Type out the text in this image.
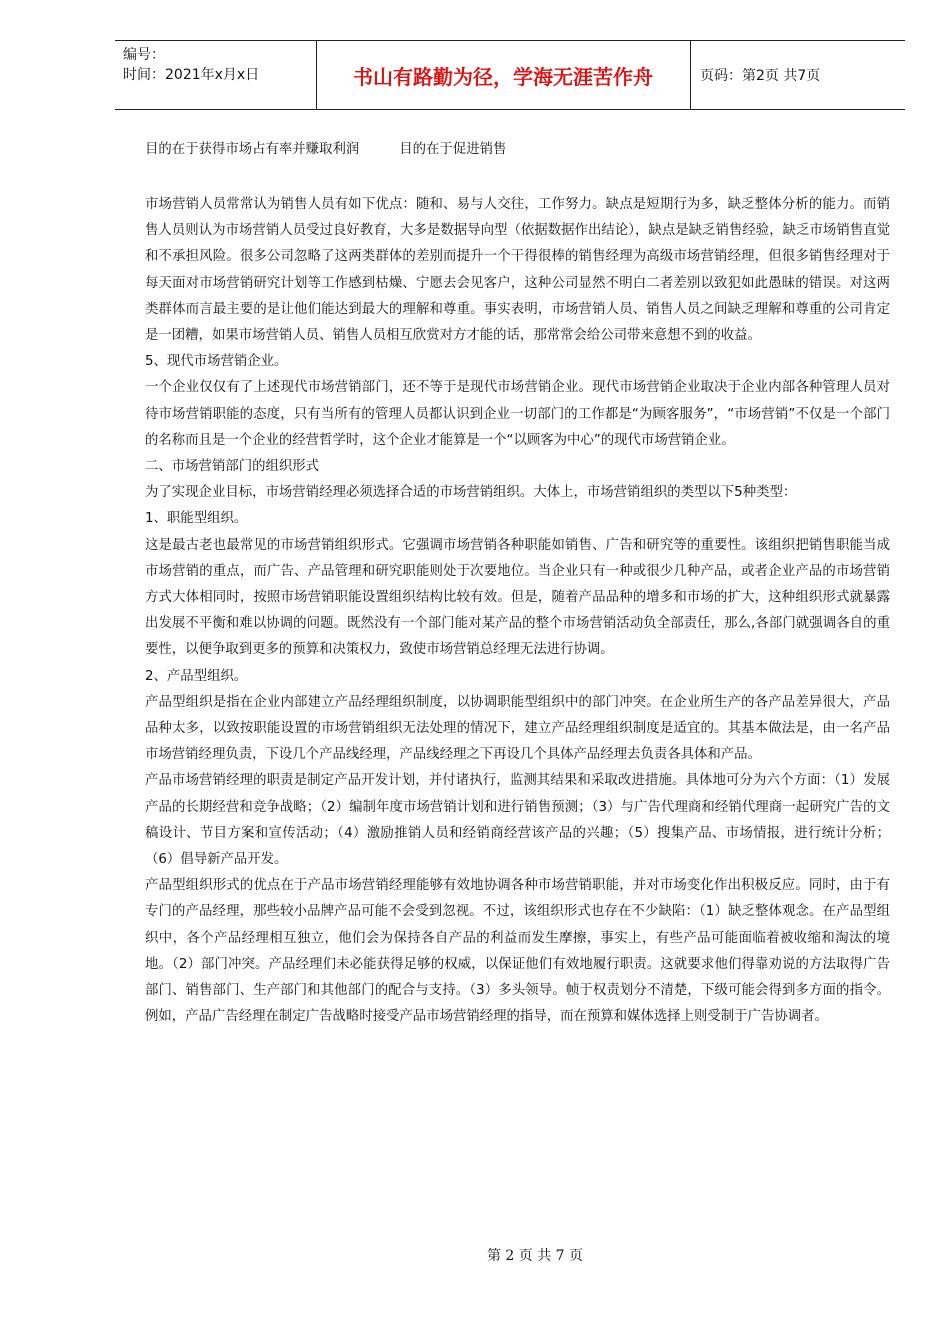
编号：
时间：2021年x月x日	书山有路勤为径，学海无涯苦作舟	页码：第2页 共7页
目的在于获得市场占有率并赚取利润	目的在于促进销售

市场营销人员常常认为销售人员有如下优点：随和、易与人交往，工作努力。缺点是短期行为多，缺乏整体分析的能力。而销售人员则认为市场营销人员受过良好教育，大多是数据导向型（依据数据作出结论），缺点是缺乏销售经验，缺乏市场销售直觉和不承担风险。很多公司忽略了这两类群体的差别而提升一个干得很棒的销售经理为高级市场营销经理，但很多销售经理对于每天面对市场营销研究计划等工作感到枯燥、宁愿去会见客户，这种公司显然不明白二者差别以致犯如此愚昧的错误。对这两类群体而言最主要的是让他们能达到最大的理解和尊重。事实表明，市场营销人员、销售人员之间缺乏理解和尊重的公司肯定是一团糟，如果市场营销人员、销售人员相互欣赏对方才能的话，那常常会给公司带来意想不到的收益。

5、现代市场营销企业。

一个企业仅仅有了上述现代市场营销部门，还不等于是现代市场营销企业。现代市场营销企业取决于企业内部各种管理人员对待市场营销职能的态度，只有当所有的管理人员都认识到企业一切部门的工作都是“为顾客服务”，“市场营销”不仅是一个部门的名称而且是一个企业的经营哲学时，这个企业才能算是一个“以顾客为中心”的现代市场营销企业。

二、市场营销部门的组织形式

为了实现企业目标，市场营销经理必须选择合适的市场营销组织。大体上，市场营销组织的类型以下5种类型：

1、职能型组织。

这是最古老也最常见的市场营销组织形式。它强调市场营销各种职能如销售、广告和研究等的重要性。该组织把销售职能当成市场营销的重点，而广告、产品管理和研究职能则处于次要地位。当企业只有一种或很少几种产品，或者企业产品的市场营销方式大体相同时，按照市场营销职能设置组织结构比较有效。但是，随着产品品种的增多和市场的扩大，这种组织形式就暴露出发展不平衡和难以协调的问题。既然没有一个部门能对某产品的整个市场营销活动负全部责任，那么,各部门就强调各自的重要性，以便争取到更多的预算和决策权力，致使市场营销总经理无法进行协调。

2、产品型组织。

产品型组织是指在企业内部建立产品经理组织制度，以协调职能型组织中的部门冲突。在企业所生产的各产品差异很大，产品品种太多，以致按职能设置的市场营销组织无法处理的情况下，建立产品经理组织制度是适宜的。其基本做法是，由一名产品市场营销经理负责，下设几个产品线经理，产品线经理之下再设几个具体产品经理去负责各具体和产品。

产品市场营销经理的职责是制定产品开发计划，并付诸执行，监测其结果和采取改进措施。具体地可分为六个方面：（1）发展产品的长期经营和竞争战略；（2）编制年度市场营销计划和进行销售预测；（3）与广告代理商和经销代理商一起研究广告的文稿设计、节目方案和宣传活动；（4）激励推销人员和经销商经营该产品的兴趣；（5）搜集产品、市场情报，进行统计分析；（6）倡导新产品开发。

产品型组织形式的优点在于产品市场营销经理能够有效地协调各种市场营销职能，并对市场变化作出积极反应。同时，由于有专门的产品经理，那些较小品牌产品可能不会受到忽视。不过，该组织形式也存在不少缺陷：（1）缺乏整体观念。在产品型组织中，各个产品经理相互独立，他们会为保持各自产品的利益而发生摩擦，事实上，有些产品可能面临着被收缩和淘汰的境地。（2）部门冲突。产品经理们未必能获得足够的权威，以保证他们有效地履行职责。这就要求他们得靠劝说的方法取得广告部门、销售部门、生产部门和其他部门的配合与支持。（3）多头领导。帧于权责划分不清楚，下级可能会得到多方面的指令。例如，产品广告经理在制定广告战略时接受产品市场营销经理的指导，而在预算和媒体选择上则受制于广告协调者。

第 2 页 共 7 页
